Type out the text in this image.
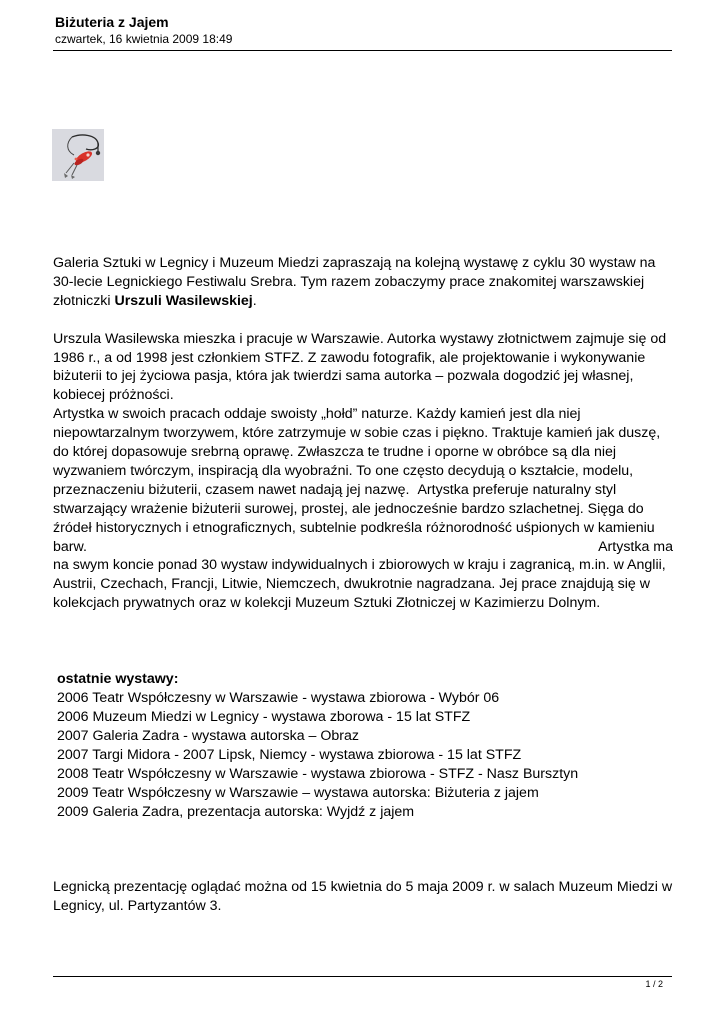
Biżuteria z Jajem
czwartek, 16 kwietnia 2009 18:49

Galeria Sztuki w Legnicy i Muzeum Miedzi zapraszają na kolejną wystawę z cyklu 30 wystaw na 30-lecie Legnickiego Festiwalu Srebra. Tym razem zobaczymy prace znakomitej warszawskiej złotniczki Urszuli Wasilewskiej.

Urszula Wasilewska mieszka i pracuje w Warszawie. Autorka wystawy złotnictwem zajmuje się od 1986 r., a od 1998 jest członkiem STFZ. Z zawodu fotografik, ale projektowanie i wykonywanie biżuterii to jej życiowa pasja, która jak twierdzi sama autorka – pozwala dogodzić jej własnej, kobiecej próżności.

Artystka w swoich pracach oddaje swoisty „hołd” naturze. Każdy kamień jest dla niej niepowtarzalnym tworzywem, które zatrzymuje w sobie czas i piękno. Traktuje kamień jak duszę, do której dopasowuje srebrną oprawę. Zwłaszcza te trudne i oporne w obróbce są dla niej wyzwaniem twórczym, inspiracją dla wyobraźni. To one często decydują o kształcie, modelu, przeznaczeniu biżuterii, czasem nawet nadają jej nazwę. Artystka preferuje naturalny styl stwarzający wrażenie biżuterii surowej, prostej, ale jednocześnie bardzo szlachetnej. Sięga do źródeł historycznych i etnograficznych, subtelnie podkreśla różnorodność uśpionych w kamieniu barw.	Artystka ma

na swym koncie ponad 30 wystaw indywidualnych i zbiorowych w kraju i zagranicą, m.in. w Anglii, Austrii, Czechach, Francji, Litwie, Niemczech, dwukrotnie nagradzana. Jej prace znajdują się w kolekcjach prywatnych oraz w kolekcji Muzeum Sztuki Złotniczej w Kazimierzu Dolnym.

ostatnie wystawy:
2006 Teatr Współczesny w Warszawie - wystawa zbiorowa - Wybór 06
2006 Muzeum Miedzi w Legnicy - wystawa zborowa - 15 lat STFZ
2007 Galeria Zadra - wystawa autorska – Obraz
2007 Targi Midora - 2007 Lipsk, Niemcy - wystawa zbiorowa - 15 lat STFZ
2008 Teatr Współczesny w Warszawie - wystawa zbiorowa - STFZ - Nasz Bursztyn
2009 Teatr Współczesny w Warszawie – wystawa autorska: Biżuteria z jajem
2009 Galeria Zadra, prezentacja autorska: Wyjdź z jajem

Legnicką prezentację oglądać można od 15 kwietnia do 5 maja 2009 r. w salach Muzeum Miedzi w Legnicy, ul. Partyzantów 3.

1 / 2
